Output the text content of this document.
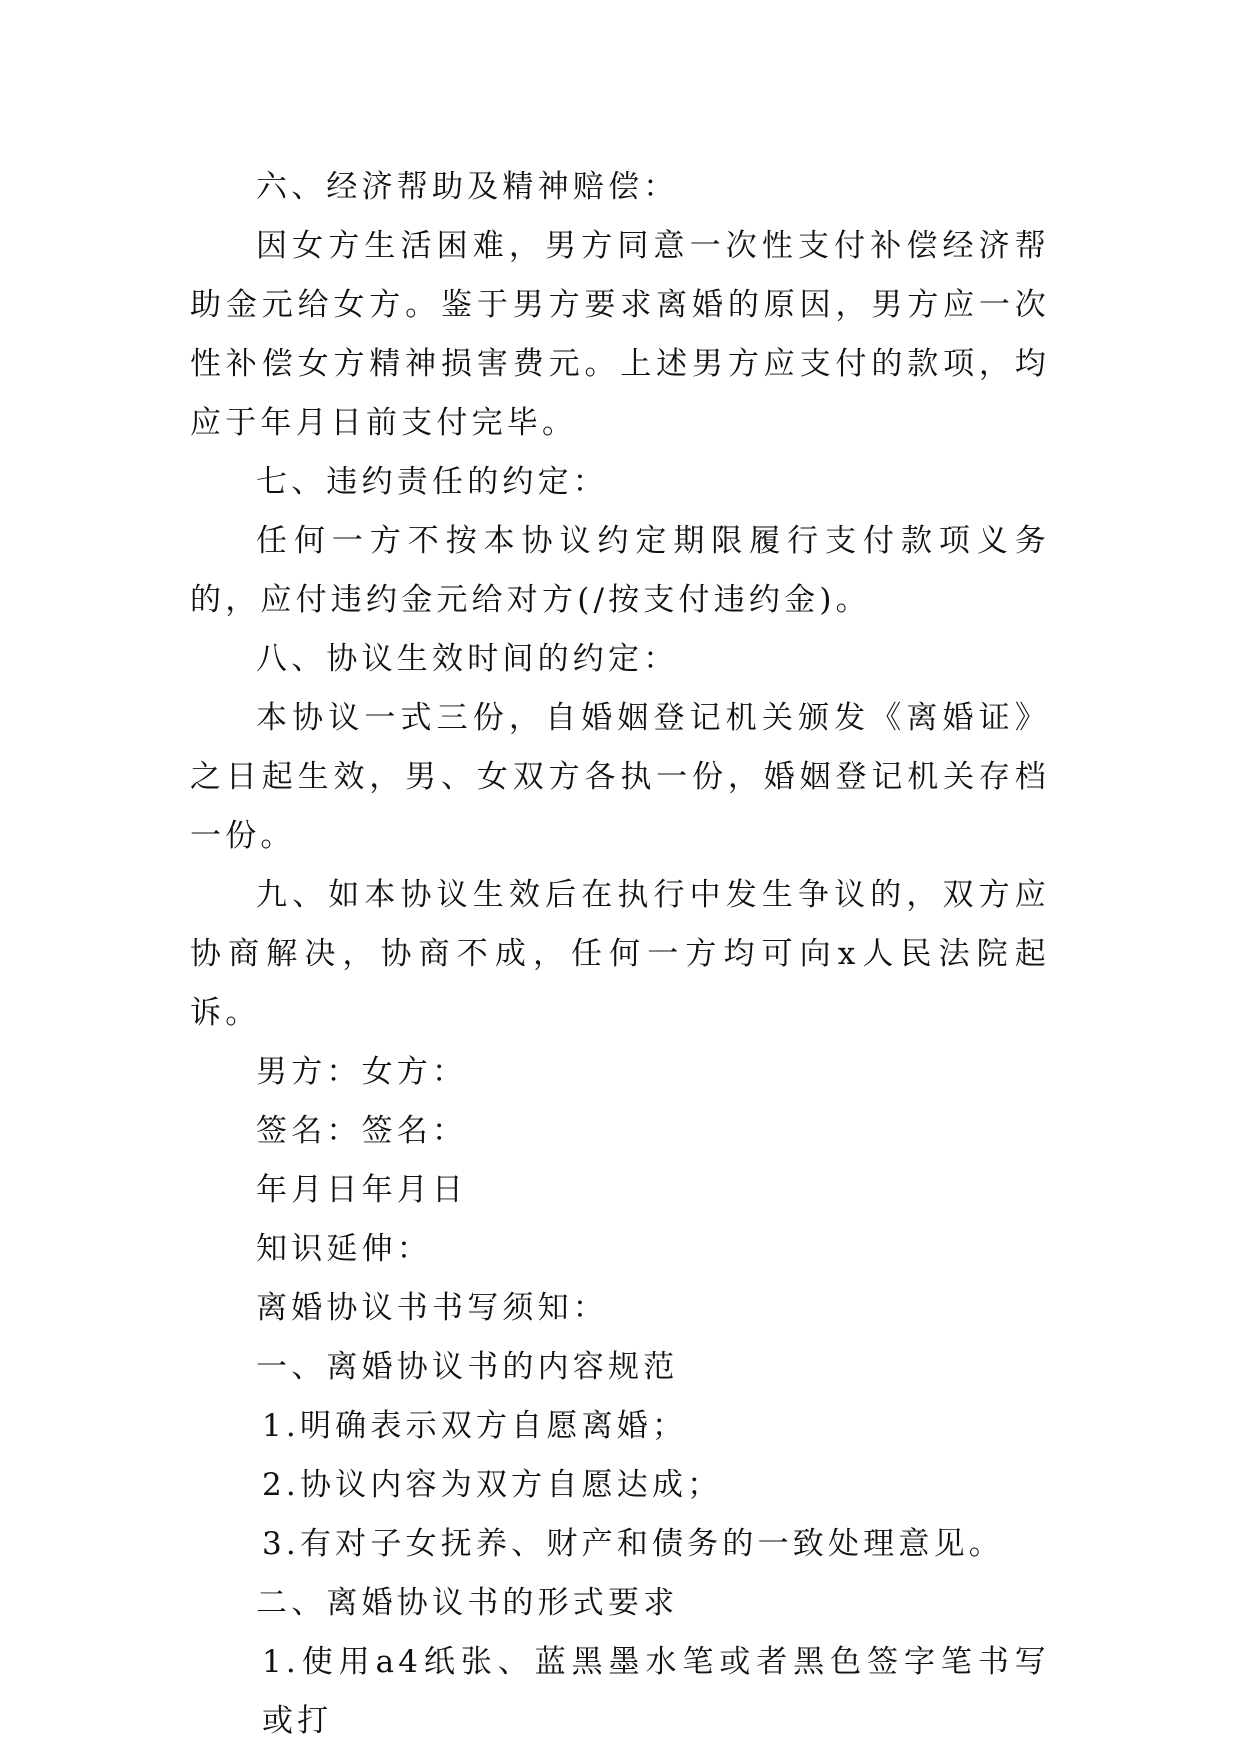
六、经济帮助及精神赔偿：

因女方生活困难，男方同意一次性支付补偿经济帮助金元给女方。鉴于男方要求离婚的原因，男方应一次性补偿女方精神损害费元。上述男方应支付的款项，均应于年月日前支付完毕。

七、违约责任的约定：

任何一方不按本协议约定期限履行支付款项义务的，应付违约金元给对方(/按支付违约金)。

八、协议生效时间的约定：

本协议一式三份，自婚姻登记机关颁发《离婚证》之日起生效，男、女双方各执一份，婚姻登记机关存档一份。

九、如本协议生效后在执行中发生争议的，双方应协商解决，协商不成，任何一方均可向x人民法院起诉。

男方：女方：

签名：签名：

年月日年月日

知识延伸：

离婚协议书书写须知：

一、离婚协议书的内容规范

1.明确表示双方自愿离婚；

2.协议内容为双方自愿达成；

3.有对子女抚养、财产和债务的一致处理意见。

二、离婚协议书的形式要求

1.使用a4纸张、蓝黑墨水笔或者黑色签字笔书写或打
